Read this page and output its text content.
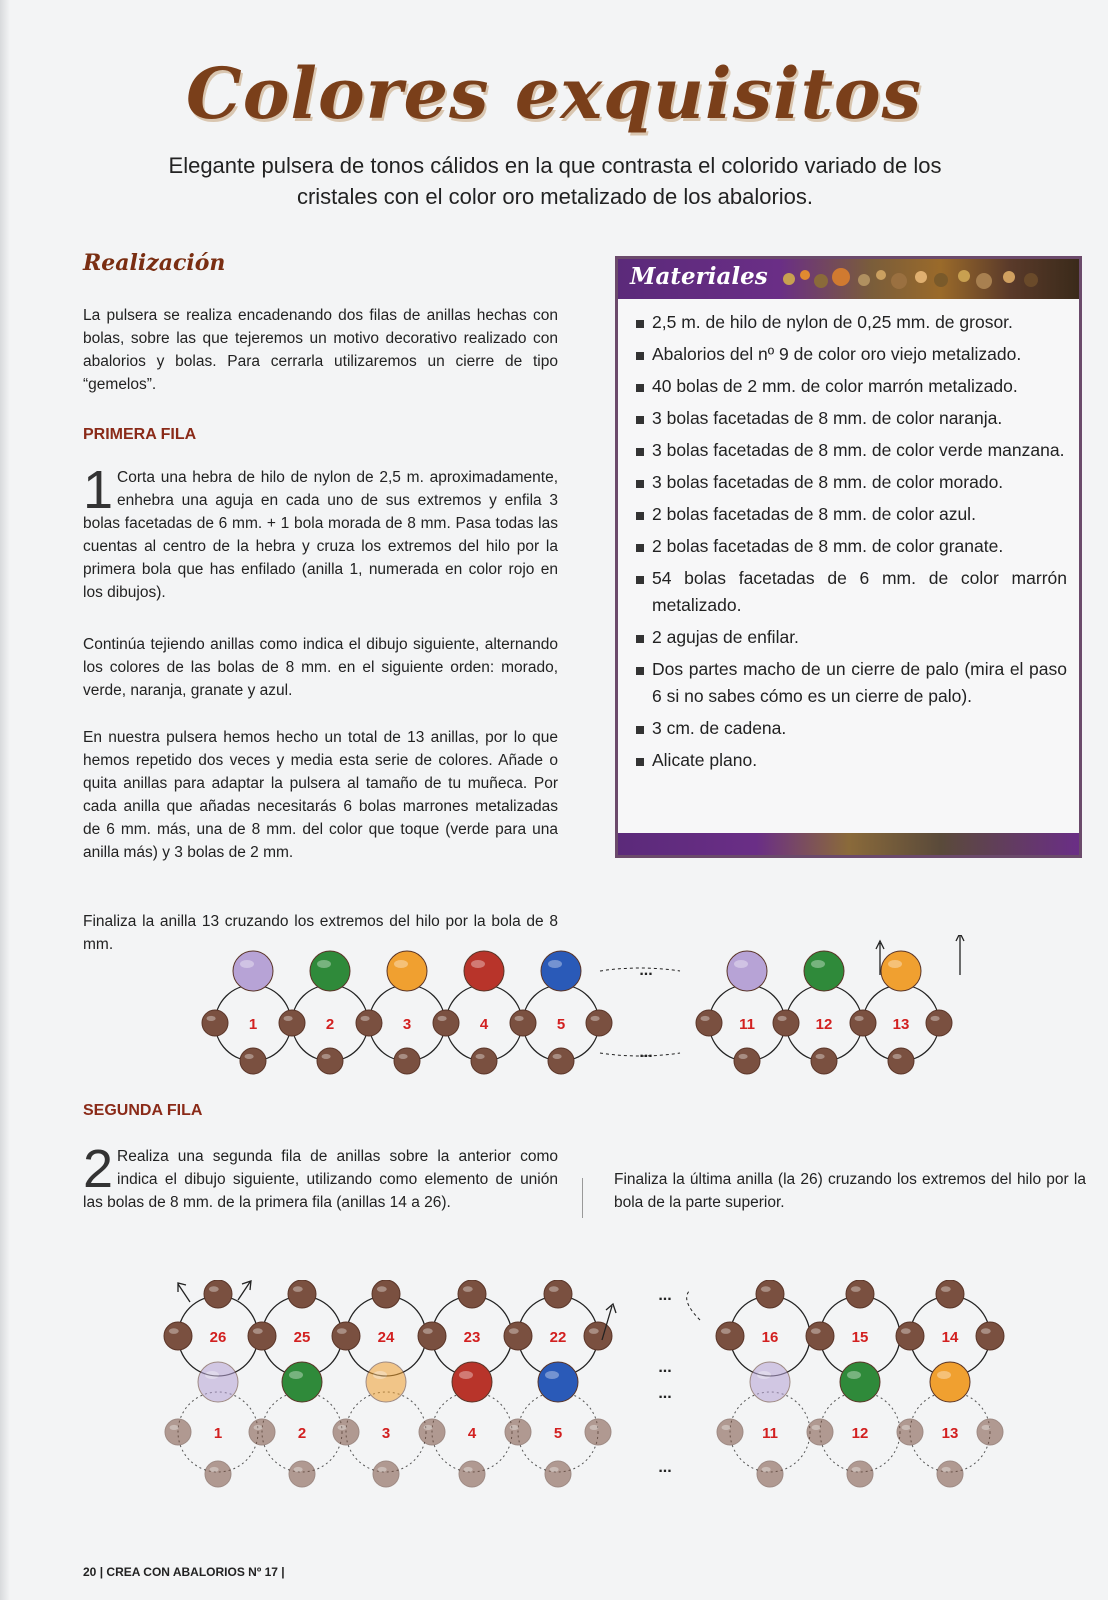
Colores exquisitos

Elegante pulsera de tonos cálidos en la que contrasta el colorido variado de los cristales con el color oro metalizado de los abalorios.

Realización

La pulsera se realiza encadenando dos filas de anillas hechas con bolas, sobre las que tejeremos un motivo decorativo realizado con abalorios y bolas. Para cerrarla utilizaremos un cierre de tipo “gemelos”.

PRIMERA FILA
1 Corta una hebra de hilo de nylon de 2,5 m. aproximadamente, enhebra una aguja en cada uno de sus extremos y enfila 3 bolas facetadas de 6 mm. + 1 bola morada de 8 mm. Pasa todas las cuentas al centro de la hebra y cruza los extremos del hilo por la primera bola que has enfilado (anilla 1, numerada en color rojo en los dibujos).

Continúa tejiendo anillas como indica el dibujo siguiente, alternando los colores de las bolas de 8 mm. en el siguiente orden: morado, verde, naranja, granate y azul.

En nuestra pulsera hemos hecho un total de 13 anillas, por lo que hemos repetido dos veces y media esta serie de colores. Añade o quita anillas para adaptar la pulsera al tamaño de tu muñeca. Por cada anilla que añadas necesitarás 6 bolas marrones metalizadas de 6 mm. más, una de 8 mm. del color que toque (verde para una anilla más) y 3 bolas de 2 mm.

Finaliza la anilla 13 cruzando los extremos del hilo por la bola de 8 mm.

Materiales
2,5 m. de hilo de nylon de 0,25 mm. de grosor.
Abalorios del nº 9 de color oro viejo metalizado.
40 bolas de 2 mm. de color marrón metalizado.
3 bolas facetadas de 8 mm. de color naranja.
3 bolas facetadas de 8 mm. de color verde manzana.
3 bolas facetadas de 8 mm. de color morado.
2 bolas facetadas de 8 mm. de color azul.
2 bolas facetadas de 8 mm. de color granate.
54 bolas facetadas de 6 mm. de color marrón metalizado.
2 agujas de enfilar.
Dos partes macho de un cierre de palo (mira el paso 6 si no sabes cómo es un cierre de palo).
3 cm. de cadena.
Alicate plano.
1	2	3	4	5	11	12	13
...
...
SEGUNDA FILA
2 Realiza una segunda fila de anillas sobre la anterior como indica el dibujo siguiente, utilizando como elemento de unión las bolas de 8 mm. de la primera fila (anillas 14 a 26).

Finaliza la última anilla (la 26) cruzando los extremos del hilo por la bola de la parte superior.

26	25	24	23	22	16	15	14
1	2	3	4	5	11	12	13
...
...
...
...
20 | CREA CON ABALORIOS Nº 17 |
